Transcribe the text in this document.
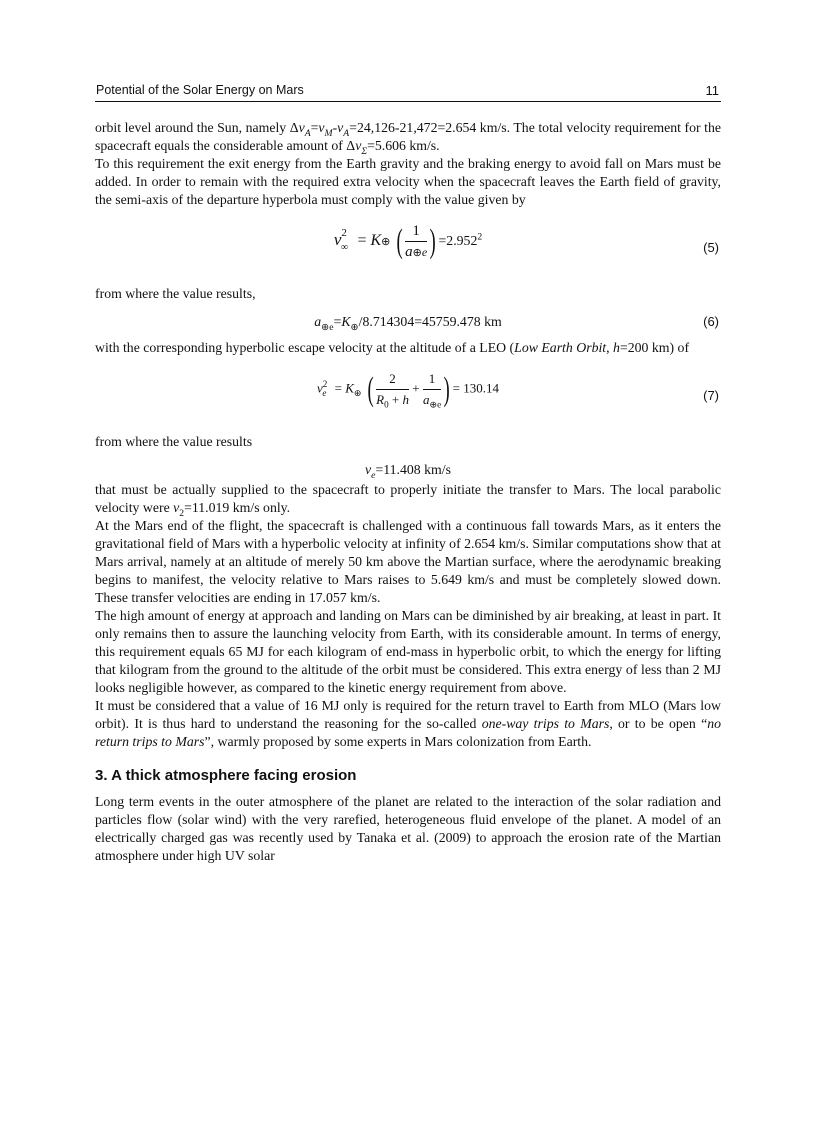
Potential of the Solar Energy on Mars	11

orbit level around the Sun, namely $\Delta v_A=v_M-v_A=24,126-21,472=2.654$ km/s. The total velocity requirement for the spacecraft equals the considerable amount of $\Delta v_\Sigma=5.606$ km/s.

To this requirement the exit energy from the Earth gravity and the braking energy to avoid fall on Mars must be added. In order to remain with the required extra velocity when the spacecraft leaves the Earth field of gravity, the semi-axis of the departure hyperbola must comply with the value given by

$v^2_\infty$ = K⊕ ( $\frac{1}{a\oplus e}$ ) $=2.952^2$
(5)

from where the value results,

$a_{\oplus e}=K_\oplus/8.714304=45759.478$ km	(6)

with the corresponding hyperbolic escape velocity at the altitude of a LEO (Low Earth Orbit, h=200 km) of

$v^2_e = K_\oplus$ ( $\frac{2}{R_0 + h} + \frac{1}{a_{\oplus e}}$ ) = 130.14
(7)

from where the value results

$v_e=11.408$ km/s

that must be actually supplied to the spacecraft to properly initiate the transfer to Mars. The local parabolic velocity were $v_2=11.019$ km/s only.

At the Mars end of the flight, the spacecraft is challenged with a continuous fall towards Mars, as it enters the gravitational field of Mars with a hyperbolic velocity at infinity of 2.654 km/s. Similar computations show that at Mars arrival, namely at an altitude of merely 50 km above the Martian surface, where the aerodynamic breaking begins to manifest, the velocity relative to Mars raises to 5.649 km/s and must be completely slowed down. These transfer velocities are ending in 17.057 km/s.

The high amount of energy at approach and landing on Mars can be diminished by air breaking, at least in part. It only remains then to assure the launching velocity from Earth, with its considerable amount. In terms of energy, this requirement equals 65 MJ for each kilogram of end-mass in hyperbolic orbit, to which the energy for lifting that kilogram from the ground to the altitude of the orbit must be considered. This extra energy of less than 2 MJ looks negligible however, as compared to the kinetic energy requirement from above.

It must be considered that a value of 16 MJ only is required for the return travel to Earth from MLO (Mars low orbit). It is thus hard to understand the reasoning for the so-called one-way trips to Mars, or to be open “no return trips to Mars”, warmly proposed by some experts in Mars colonization from Earth.

3. A thick atmosphere facing erosion

Long term events in the outer atmosphere of the planet are related to the interaction of the solar radiation and particles flow (solar wind) with the very rarefied, heterogeneous fluid envelope of the planet. A model of an electrically charged gas was recently used by Tanaka et al. (2009) to approach the erosion rate of the Martian atmosphere under high UV solar
